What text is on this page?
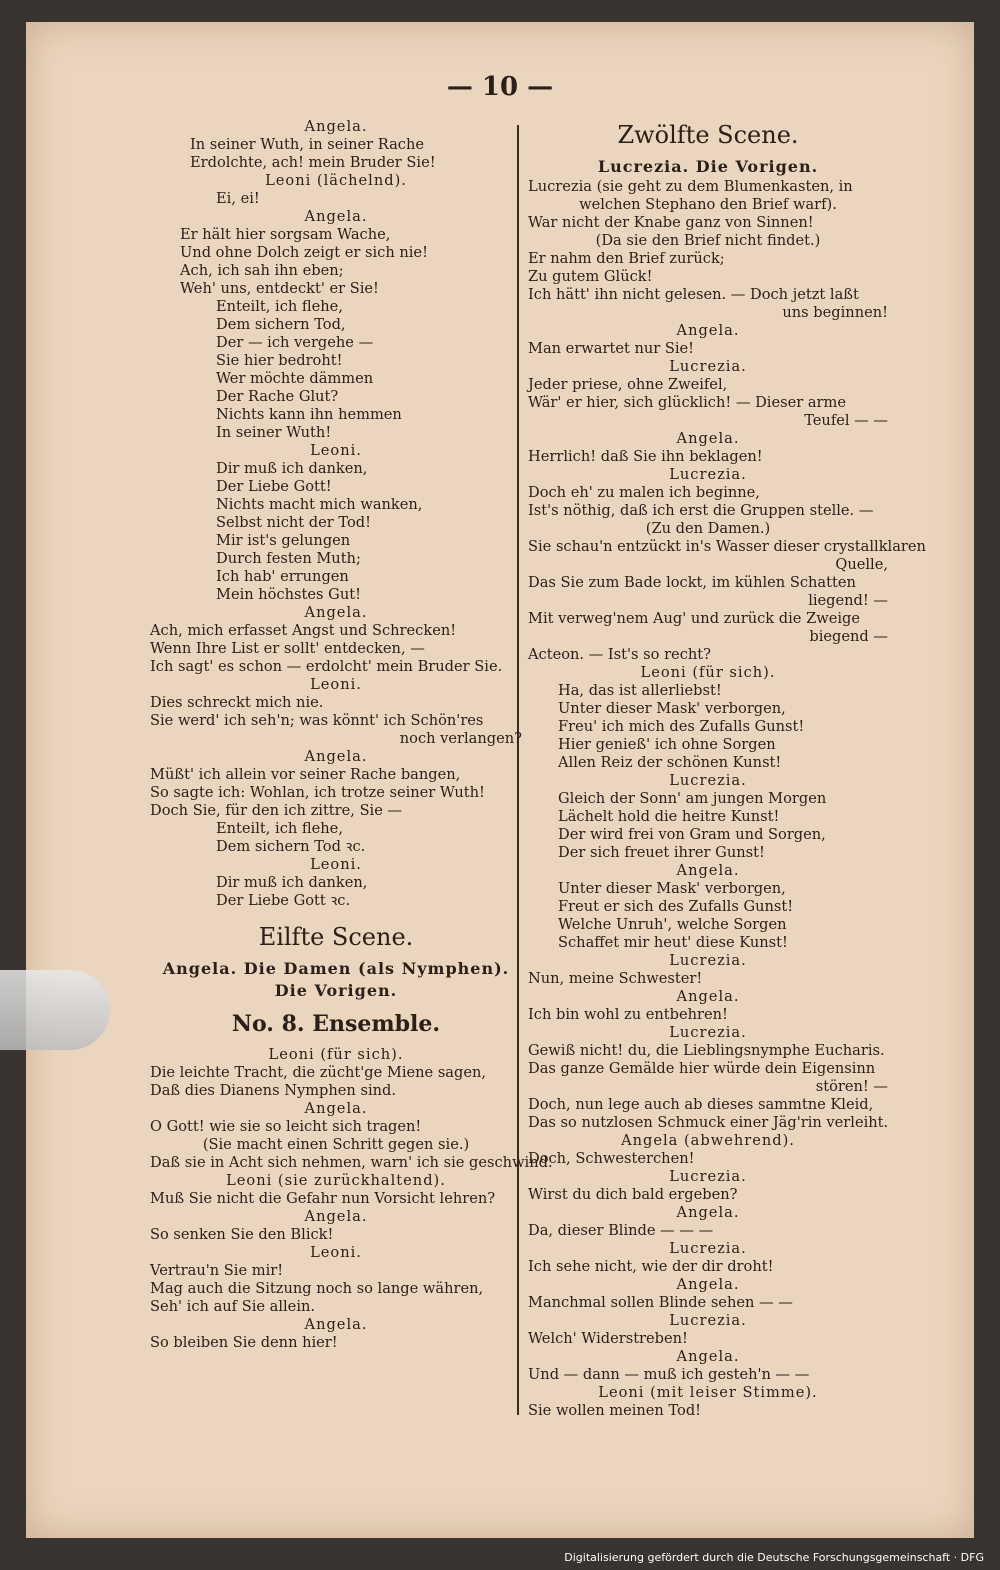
— 10 —
Angela.
In seiner Wuth, in seiner Rache
Erdolchte, ach! mein Bruder Sie!
Leoni (lächelnd).
Ei, ei!
Angela.
Er hält hier sorgsam Wache,
Und ohne Dolch zeigt er sich nie!
Ach, ich sah ihn eben;
Weh' uns, entdeckt' er Sie!
Enteilt, ich flehe,
Dem sichern Tod,
Der — ich vergehe —
Sie hier bedroht!
Wer möchte dämmen
Der Rache Glut?
Nichts kann ihn hemmen
In seiner Wuth!
Leoni.
Dir muß ich danken,
Der Liebe Gott!
Nichts macht mich wanken,
Selbst nicht der Tod!
Mir ist's gelungen
Durch festen Muth;
Ich hab' errungen
Mein höchstes Gut!
Angela.
Ach, mich erfasset Angst und Schrecken!
Wenn Ihre List er sollt' entdecken, —
Ich sagt' es schon — erdolcht' mein Bruder Sie.
Leoni.
Dies schreckt mich nie.
Sie werd' ich seh'n; was könnt' ich Schön'res
noch verlangen?
Angela.
Müßt' ich allein vor seiner Rache bangen,
So sagte ich: Wohlan, ich trotze seiner Wuth!
Doch Sie, für den ich zittre, Sie —
Enteilt, ich flehe,
Dem sichern Tod ꝛc.
Leoni.
Dir muß ich danken,
Der Liebe Gott ꝛc.
Eilfte Scene.
Angela. Die Damen (als Nymphen).
Die Vorigen.
No. 8. Ensemble.
Leoni (für sich).
Die leichte Tracht, die zücht'ge Miene sagen,
Daß dies Dianens Nymphen sind.
Angela.
O Gott! wie sie so leicht sich tragen!
(Sie macht einen Schritt gegen sie.)
Daß sie in Acht sich nehmen, warn' ich sie geschwind.
Leoni (sie zurückhaltend).
Muß Sie nicht die Gefahr nun Vorsicht lehren?
Angela.
So senken Sie den Blick!
Leoni.
Vertrau'n Sie mir!
Mag auch die Sitzung noch so lange währen,
Seh' ich auf Sie allein.
Angela.
So bleiben Sie denn hier!
Zwölfte Scene.
Lucrezia. Die Vorigen.
Lucrezia (sie geht zu dem Blumenkasten, in
welchen Stephano den Brief warf).
War nicht der Knabe ganz von Sinnen!
(Da sie den Brief nicht findet.)
Er nahm den Brief zurück;
Zu gutem Glück!
Ich hätt' ihn nicht gelesen. — Doch jetzt laßt
uns beginnen!
Angela.
Man erwartet nur Sie!
Lucrezia.
Jeder priese, ohne Zweifel,
Wär' er hier, sich glücklich! — Dieser arme
Teufel — —
Angela.
Herrlich! daß Sie ihn beklagen!
Lucrezia.
Doch eh' zu malen ich beginne,
Ist's nöthig, daß ich erst die Gruppen stelle. —
(Zu den Damen.)
Sie schau'n entzückt in's Wasser dieser crystallklaren
Quelle,
Das Sie zum Bade lockt, im kühlen Schatten
liegend! —
Mit verweg'nem Aug' und zurück die Zweige
biegend —
Acteon. — Ist's so recht?
Leoni (für sich).
Ha, das ist allerliebst!
Unter dieser Mask' verborgen,
Freu' ich mich des Zufalls Gunst!
Hier genieß' ich ohne Sorgen
Allen Reiz der schönen Kunst!
Lucrezia.
Gleich der Sonn' am jungen Morgen
Lächelt hold die heitre Kunst!
Der wird frei von Gram und Sorgen,
Der sich freuet ihrer Gunst!
Angela.
Unter dieser Mask' verborgen,
Freut er sich des Zufalls Gunst!
Welche Unruh', welche Sorgen
Schaffet mir heut' diese Kunst!
Lucrezia.
Nun, meine Schwester!
Angela.
Ich bin wohl zu entbehren!
Lucrezia.
Gewiß nicht! du, die Lieblingsnymphe Eucharis.
Das ganze Gemälde hier würde dein Eigensinn
stören! —
Doch, nun lege auch ab dieses sammtne Kleid,
Das so nutzlosen Schmuck einer Jäg'rin verleiht.
Angela (abwehrend).
Doch, Schwesterchen!
Lucrezia.
Wirst du dich bald ergeben?
Angela.
Da, dieser Blinde — — —
Lucrezia.
Ich sehe nicht, wie der dir droht!
Angela.
Manchmal sollen Blinde sehen — —
Lucrezia.
Welch' Widerstreben!
Angela.
Und — dann — muß ich gesteh'n — —
Leoni (mit leiser Stimme).
Sie wollen meinen Tod!
Digitalisierung gefördert durch die Deutsche Forschungsgemeinschaft · DFG
